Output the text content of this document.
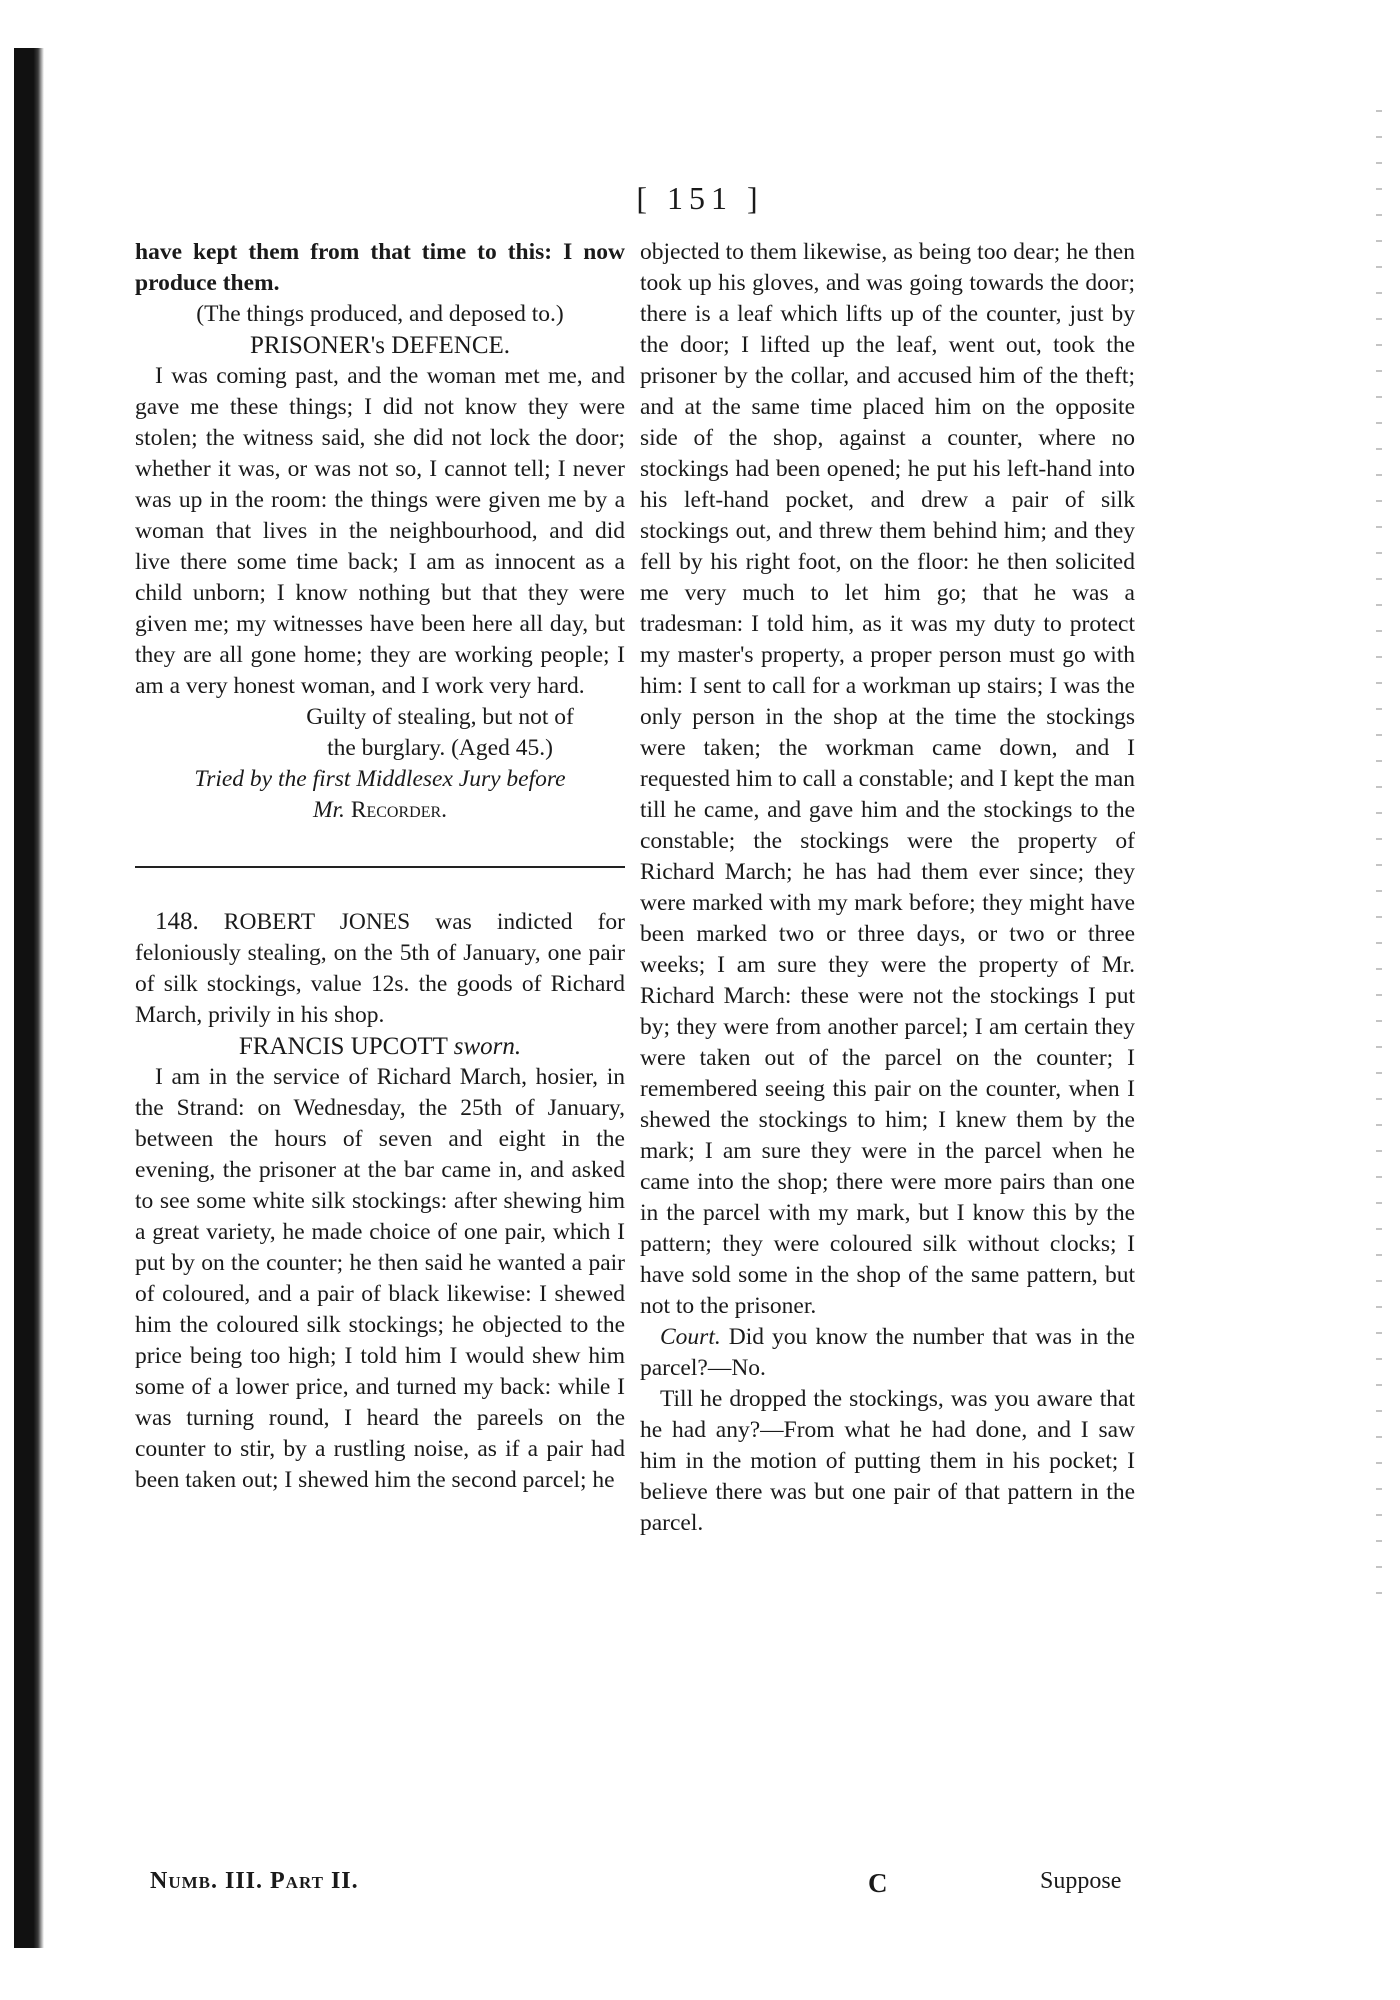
[ 151 ]

have kept them from that time to this: I now produce them.

(The things produced, and deposed to.)

PRISONER's DEFENCE.

I was coming past, and the woman met me, and gave me these things; I did not know they were stolen; the witness said, she did not lock the door; whether it was, or was not so, I cannot tell; I never was up in the room: the things were given me by a woman that lives in the neighbourhood, and did live there some time back; I am as innocent as a child unborn; I know nothing but that they were given me; my witnesses have been here all day, but they are all gone home; they are working people; I am a very honest woman, and I work very hard.

Guilty of stealing, but not of

the burglary. (Aged 45.)

Tried by the first Middlesex Jury before

Mr. Recorder.

148. ROBERT JONES was indicted for feloniously stealing, on the 5th of January, one pair of silk stockings, value 12s. the goods of Richard March, privily in his shop.

FRANCIS UPCOTT sworn.

I am in the service of Richard March, hosier, in the Strand: on Wednesday, the 25th of January, between the hours of seven and eight in the evening, the prisoner at the bar came in, and asked to see some white silk stockings: after shewing him a great variety, he made choice of one pair, which I put by on the counter; he then said he wanted a pair of coloured, and a pair of black likewise: I shewed him the coloured silk stockings; he objected to the price being too high; I told him I would shew him some of a lower price, and turned my back: while I was turning round, I heard the pareels on the counter to stir, by a rustling noise, as if a pair had been taken out; I shewed him the second parcel; he

objected to them likewise, as being too dear; he then took up his gloves, and was going towards the door; there is a leaf which lifts up of the counter, just by the door; I lifted up the leaf, went out, took the prisoner by the collar, and accused him of the theft; and at the same time placed him on the opposite side of the shop, against a counter, where no stockings had been opened; he put his left-hand into his left-hand pocket, and drew a pair of silk stockings out, and threw them behind him; and they fell by his right foot, on the floor: he then solicited me very much to let him go; that he was a tradesman: I told him, as it was my duty to protect my master's property, a proper person must go with him: I sent to call for a workman up stairs; I was the only person in the shop at the time the stockings were taken; the workman came down, and I requested him to call a constable; and I kept the man till he came, and gave him and the stockings to the constable; the stockings were the property of Richard March; he has had them ever since; they were marked with my mark before; they might have been marked two or three days, or two or three weeks; I am sure they were the property of Mr. Richard March: these were not the stockings I put by; they were from another parcel; I am certain they were taken out of the parcel on the counter; I remembered seeing this pair on the counter, when I shewed the stockings to him; I knew them by the mark; I am sure they were in the parcel when he came into the shop; there were more pairs than one in the parcel with my mark, but I know this by the pattern; they were coloured silk without clocks; I have sold some in the shop of the same pattern, but not to the prisoner.

Court. Did you know the number that was in the parcel?—No.

Till he dropped the stockings, was you aware that he had any?—From what he had done, and I saw him in the motion of putting them in his pocket; I believe there was but one pair of that pattern in the parcel.

Numb. III. Part II.	C	Suppose
